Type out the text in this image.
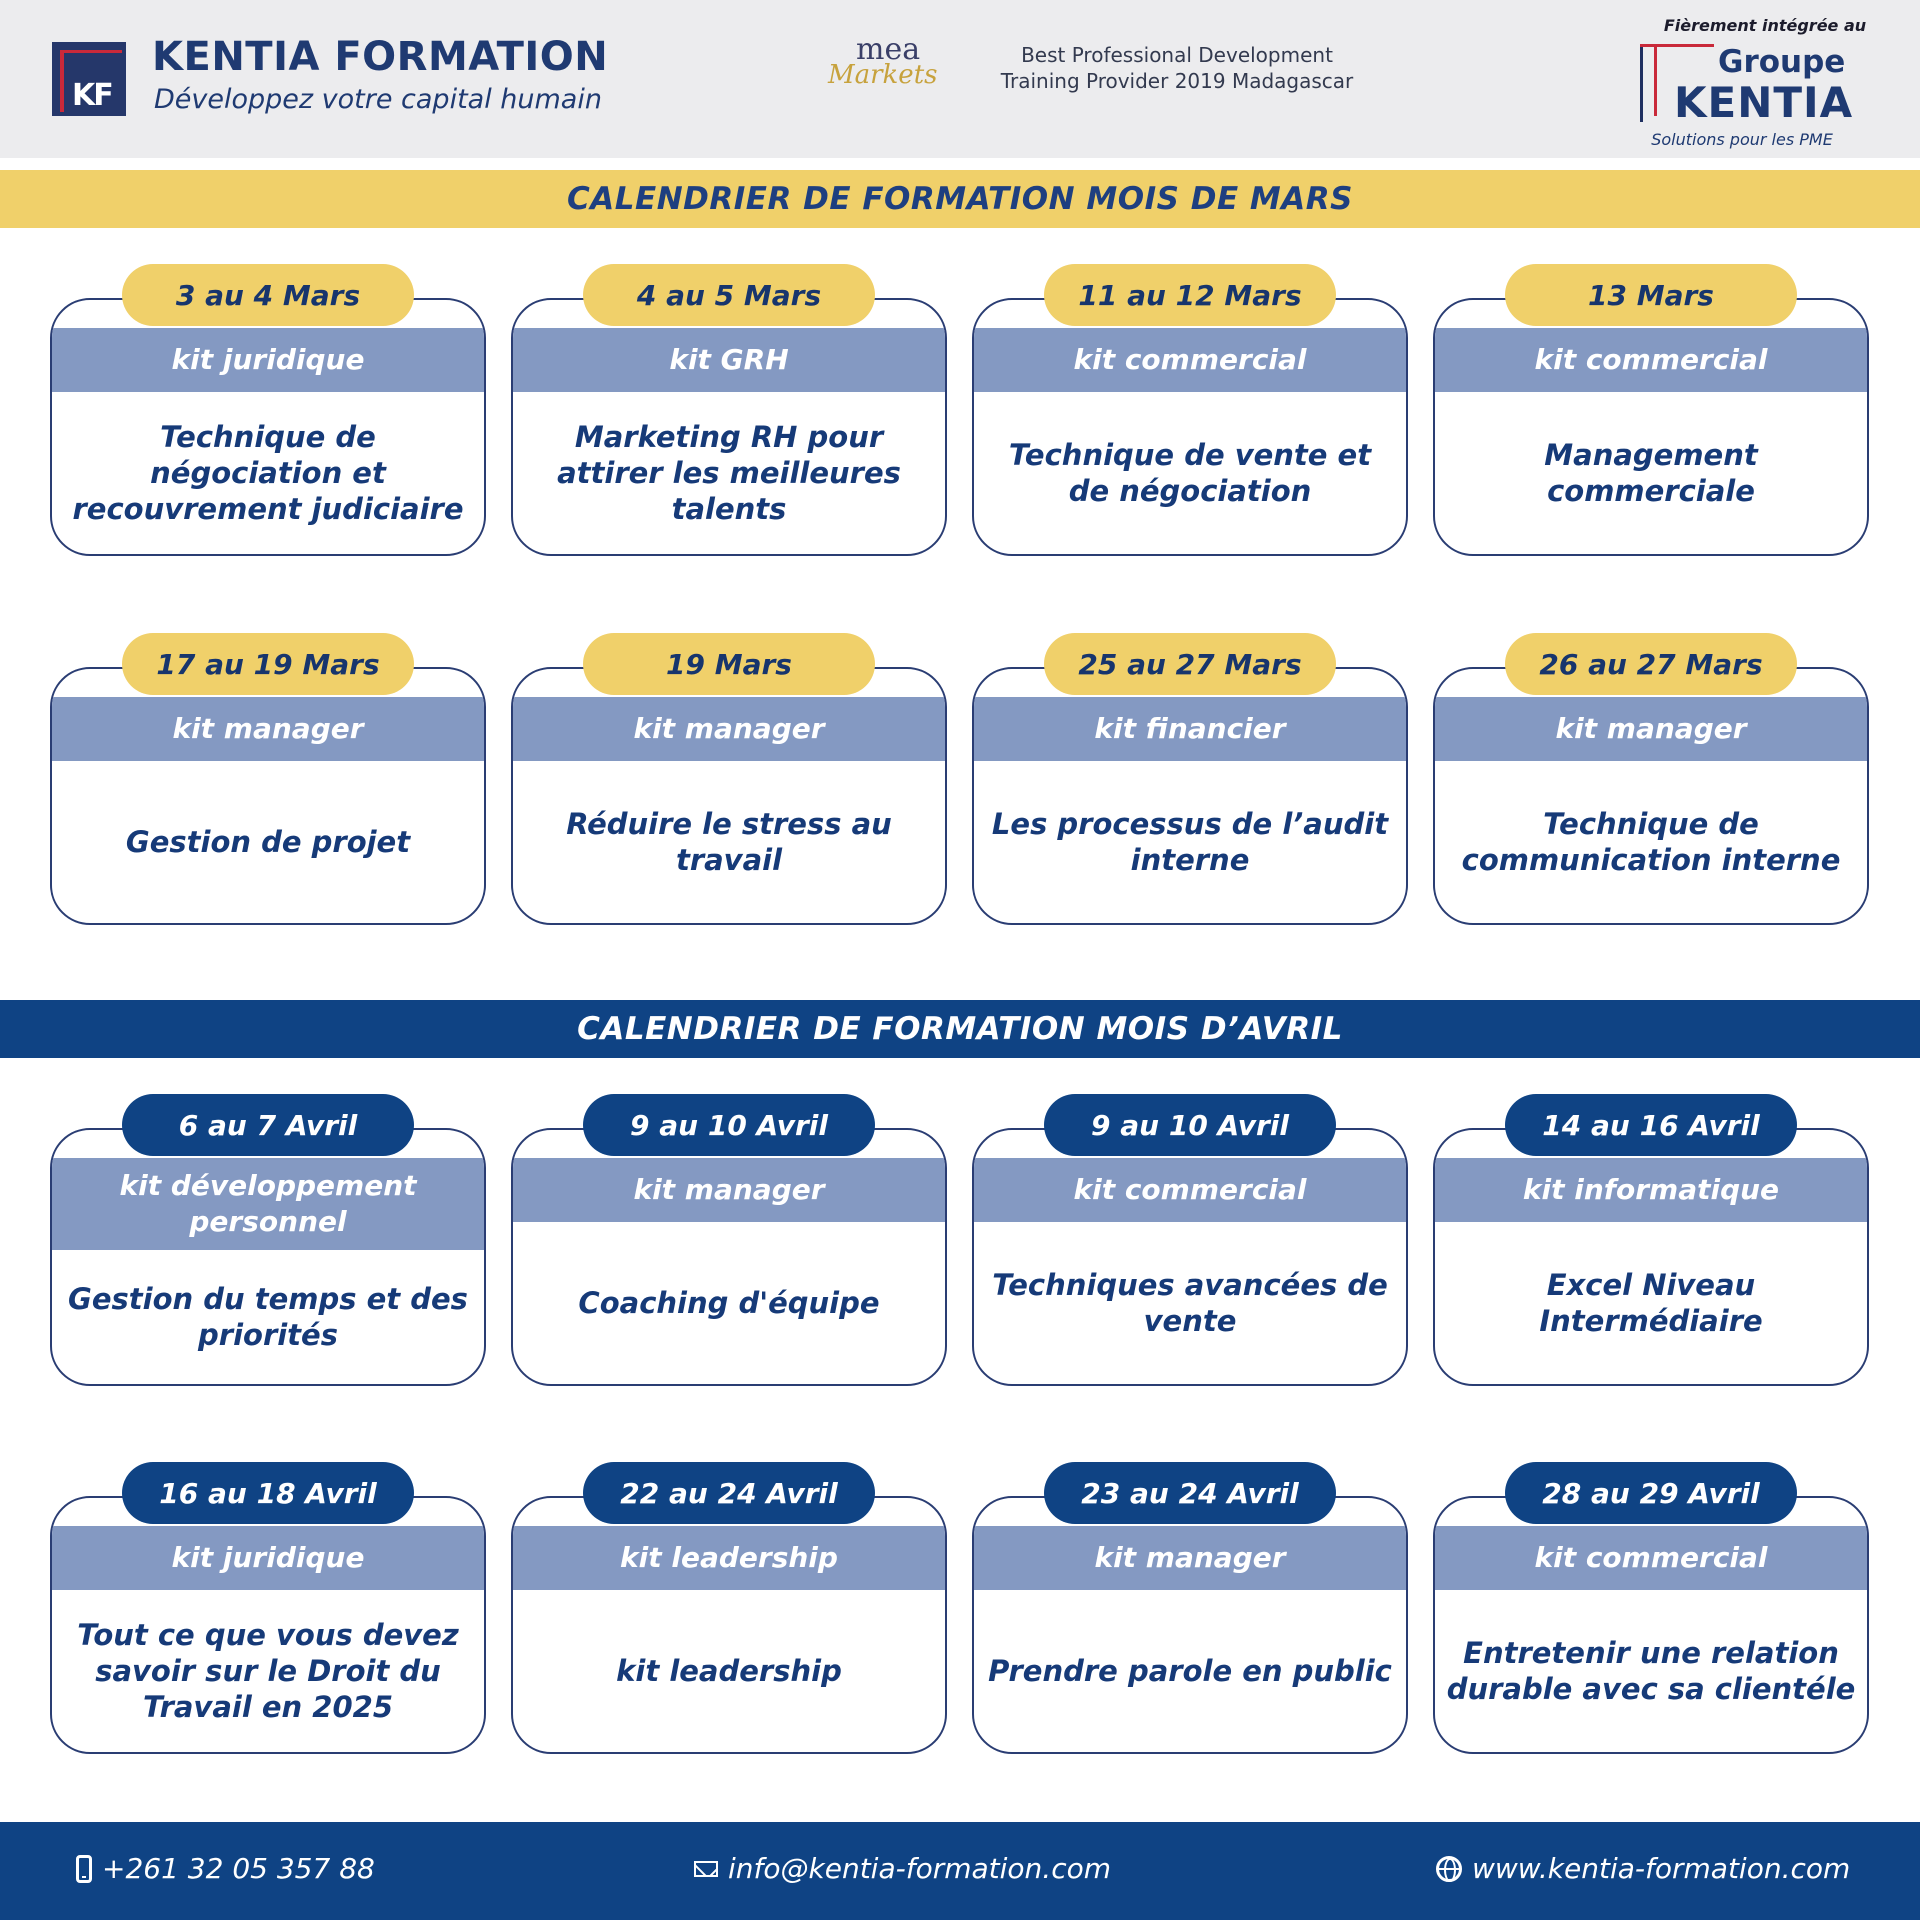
KF
KENTIA FORMATION
Développez votre capital humain
mea
Markets
Best Professional Development
Training Provider 2019 Madagascar
Fièrement intégrée au
Groupe
KENTIA
Solutions pour les PME
CALENDRIER DE FORMATION MOIS DE MARS
kit juridique
Technique de négociation et recouvrement judiciaire
3 au 4 Mars
kit GRH
Marketing RH pour attirer les meilleures talents
4 au 5 Mars
kit commercial
Technique de vente et de négociation
11 au 12 Mars
kit commercial
Management commerciale
13 Mars
kit manager
Gestion de projet
17 au 19 Mars
kit manager
Réduire le stress au travail
19 Mars
kit financier
Les processus de l’audit interne
25 au 27 Mars
kit manager
Technique de communication interne
26 au 27 Mars
CALENDRIER DE FORMATION MOIS D’AVRIL
kit développement personnel
Gestion du temps et des priorités
6 au 7 Avril
kit manager
Coaching d'équipe
9 au 10 Avril
kit commercial
Techniques avancées de vente
9 au 10 Avril
kit informatique
Excel Niveau Intermédiaire
14 au 16 Avril
kit juridique
Tout ce que vous devez savoir sur le Droit du Travail en 2025
16 au 18 Avril
kit leadership
kit leadership
22 au 24 Avril
kit manager
Prendre parole en public
23 au 24 Avril
kit commercial
Entretenir une relation durable avec sa clientéle
28 au 29 Avril
+261 32 05 357 88	info@kentia-formation.com	www.kentia-formation.com
